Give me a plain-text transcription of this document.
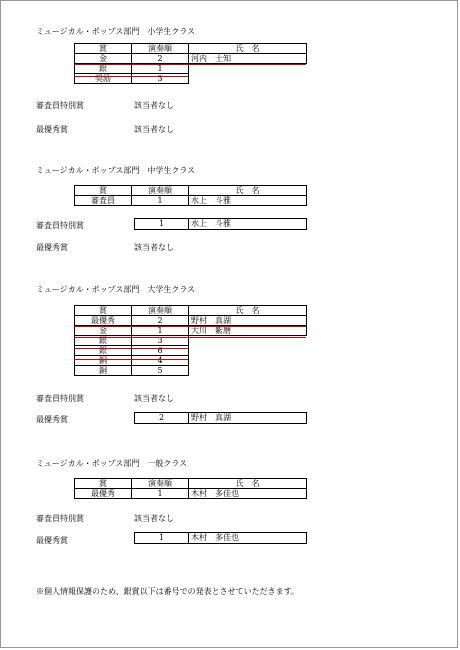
ミュージカル・ポップス部門　小学生クラス
賞	演奏順	氏　名
金	2	河内　士知
銀	1	
奨励	3	
審査員特別賞	該当者なし
最優秀賞	該当者なし
ミュージカル・ポップス部門　中学生クラス
賞	演奏順	氏　名
審査員	1	水上　斗雅
審査員特別賞	1	水上　斗雅
最優秀賞	該当者なし
ミュージカル・ポップス部門　大学生クラス
賞	演奏順	氏　名
最優秀	2	野村　真湖
金	1	大川　紫磨
銀	3	
銀	6	
銅	4	
銅	5	
審査員特別賞	該当者なし
最優秀賞	2	野村　真湖
ミュージカル・ポップス部門　一般クラス
賞	演奏順	氏　名
最優秀	1	木村　多佳也
審査員特別賞	該当者なし
最優秀賞	1	木村　多佳也
※個人情報保護のため、銀賞以下は番号での発表とさせていただきます。
